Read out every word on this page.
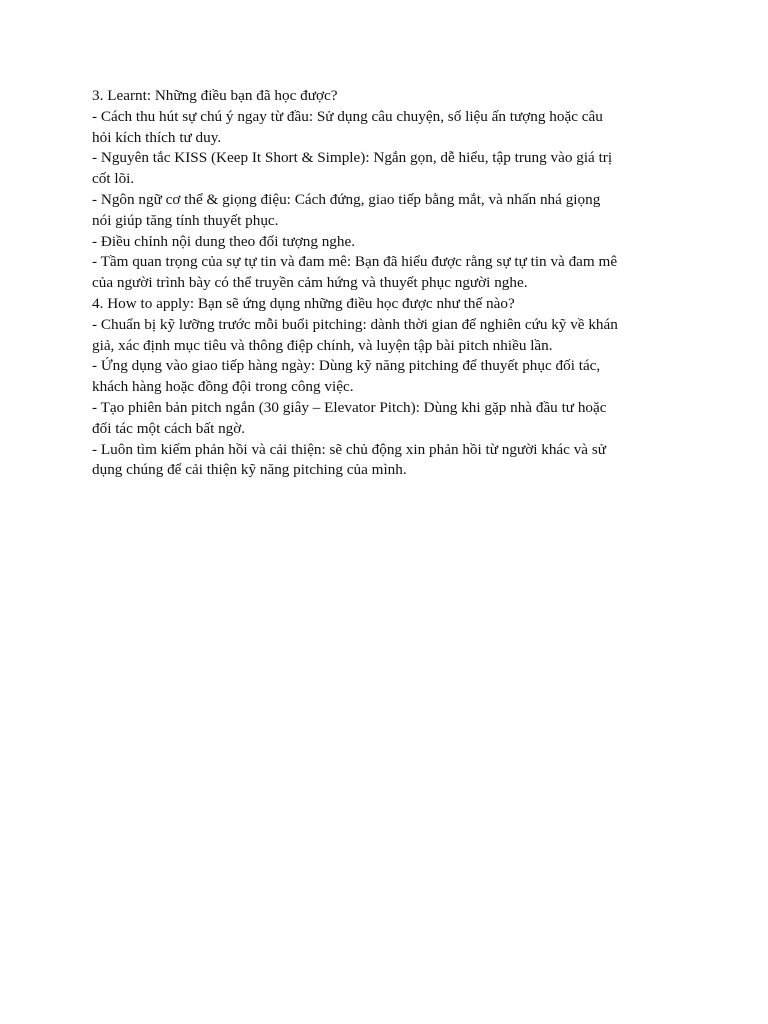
3. Learnt: Những điều bạn đã học được?
- Cách thu hút sự chú ý ngay từ đầu: Sử dụng câu chuyện, số liệu ấn tượng hoặc câu
hỏi kích thích tư duy.
- Nguyên tắc KISS (Keep It Short & Simple): Ngắn gọn, dễ hiểu, tập trung vào giá trị
cốt lõi.
- Ngôn ngữ cơ thể & giọng điệu: Cách đứng, giao tiếp bằng mắt, và nhấn nhá giọng
nói giúp tăng tính thuyết phục.
- Điều chỉnh nội dung theo đối tượng nghe.
- Tầm quan trọng của sự tự tin và đam mê: Bạn đã hiểu được rằng sự tự tin và đam mê
của người trình bày có thể truyền cảm hứng và thuyết phục người nghe.
4. How to apply: Bạn sẽ ứng dụng những điều học được như thế nào?
- Chuẩn bị kỹ lưỡng trước mỗi buổi pitching: dành thời gian để nghiên cứu kỹ về khán
giả, xác định mục tiêu và thông điệp chính, và luyện tập bài pitch nhiều lần.
- Ứng dụng vào giao tiếp hàng ngày: Dùng kỹ năng pitching để thuyết phục đối tác,
khách hàng hoặc đồng đội trong công việc.
- Tạo phiên bản pitch ngắn (30 giây – Elevator Pitch): Dùng khi gặp nhà đầu tư hoặc
đối tác một cách bất ngờ.
- Luôn tìm kiếm phản hồi và cải thiện: sẽ chủ động xin phản hồi từ người khác và sử
dụng chúng để cải thiện kỹ năng pitching của mình.
